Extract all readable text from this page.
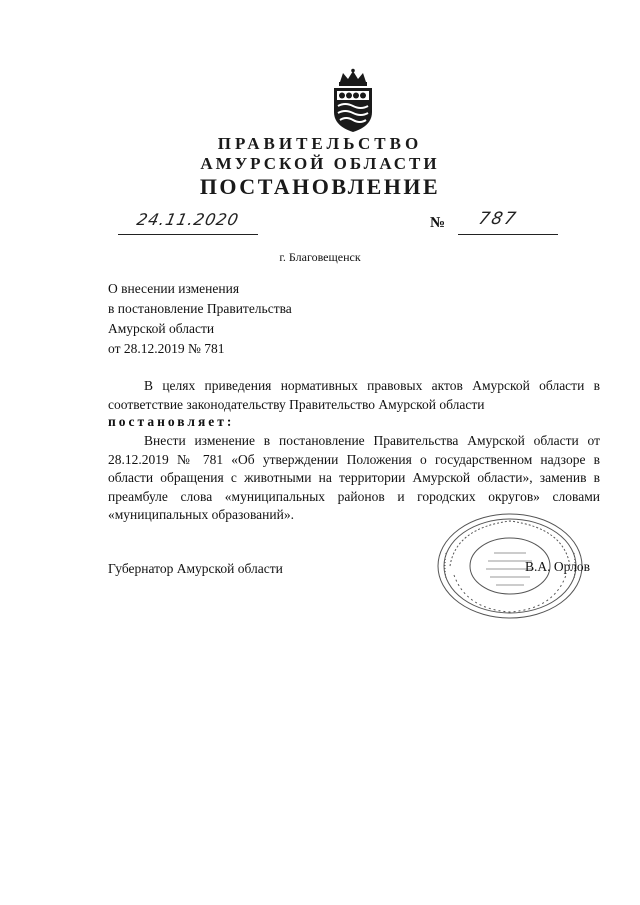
ПРАВИТЕЛЬСТВО
АМУРСКОЙ ОБЛАСТИ
ПОСТАНОВЛЕНИЕ
24.11.2020	№	787
г. Благовещенск
О внесении изменения
в постановление Правительства
Амурской области
от 28.12.2019 № 781
В целях приведения нормативных правовых актов Амурской области в соответствие законодательству Правительство Амурской области
постановляет:
Внести изменение в постановление Правительства Амурской области от 28.12.2019 № 781 «Об утверждении Положения о государственном надзоре в области обращения с животными на территории Амурской области», заменив в преамбуле слова «муниципальных районов и городских округов» словами «муниципальных образований».
Губернатор Амурской области	В.А. Орлов
